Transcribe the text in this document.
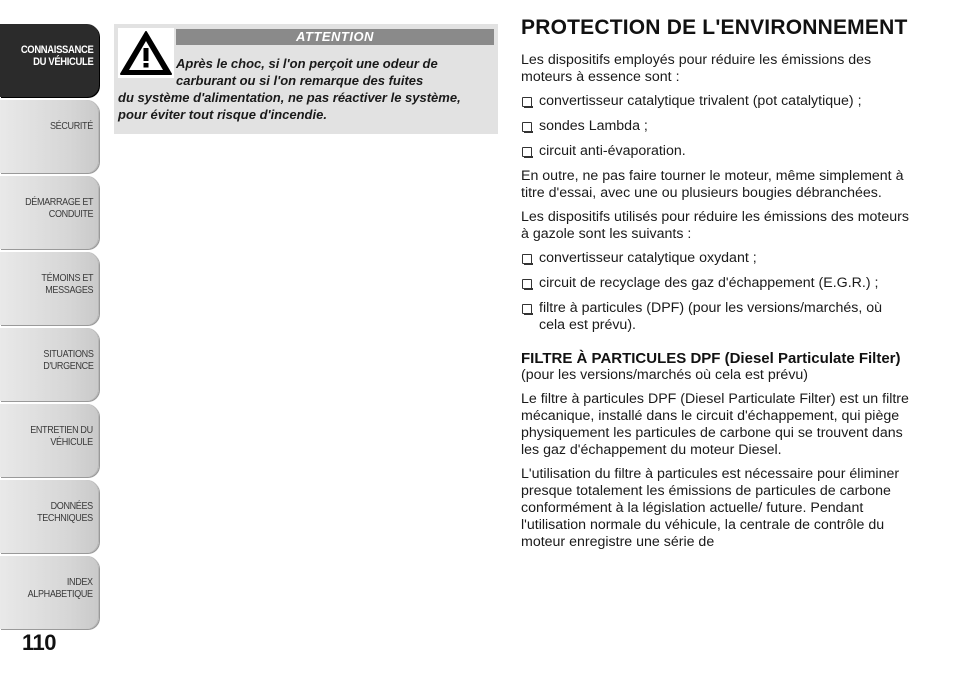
CONNAISSANCE
DU VÉHICULE
SÉCURITÉ
DÉMARRAGE ET
CONDUITE
TÉMOINS ET
MESSAGES
SITUATIONS
D'URGENCE
ENTRETIEN DU
VÉHICULE
DONNÉES
TECHNIQUES
INDEX
ALPHABETIQUE
110
ATTENTION
Après le choc, si l'on perçoit une odeur de
carburant ou si l'on remarque des fuites
du système d'alimentation, ne pas réactiver le système, pour éviter tout risque d'incendie.
PROTECTION DE L'ENVIRONNEMENT

Les dispositifs employés pour réduire les émissions des moteurs à essence sont :

convertisseur catalytique trivalent (pot catalytique) ;
sondes Lambda ;
circuit anti-évaporation.

En outre, ne pas faire tourner le moteur, même simplement à titre d'essai, avec une ou plusieurs bougies débranchées.

Les dispositifs utilisés pour réduire les émissions des moteurs à gazole sont les suivants :

convertisseur catalytique oxydant ;
circuit de recyclage des gaz d'échappement (E.G.R.) ;
filtre à particules (DPF) (pour les versions/marchés, où cela est prévu).
FILTRE À PARTICULES DPF (Diesel Particulate Filter)

(pour les versions/marchés où cela est prévu)

Le filtre à particules DPF (Diesel Particulate Filter) est un filtre mécanique, installé dans le circuit d'échappement, qui piège physiquement les particules de carbone qui se trouvent dans les gaz d'échappement du moteur Diesel.

L'utilisation du filtre à particules est nécessaire pour éliminer presque totalement les émissions de particules de carbone conformément à la législation actuelle/ future. Pendant l'utilisation normale du véhicule, la centrale de contrôle du moteur enregistre une série de
